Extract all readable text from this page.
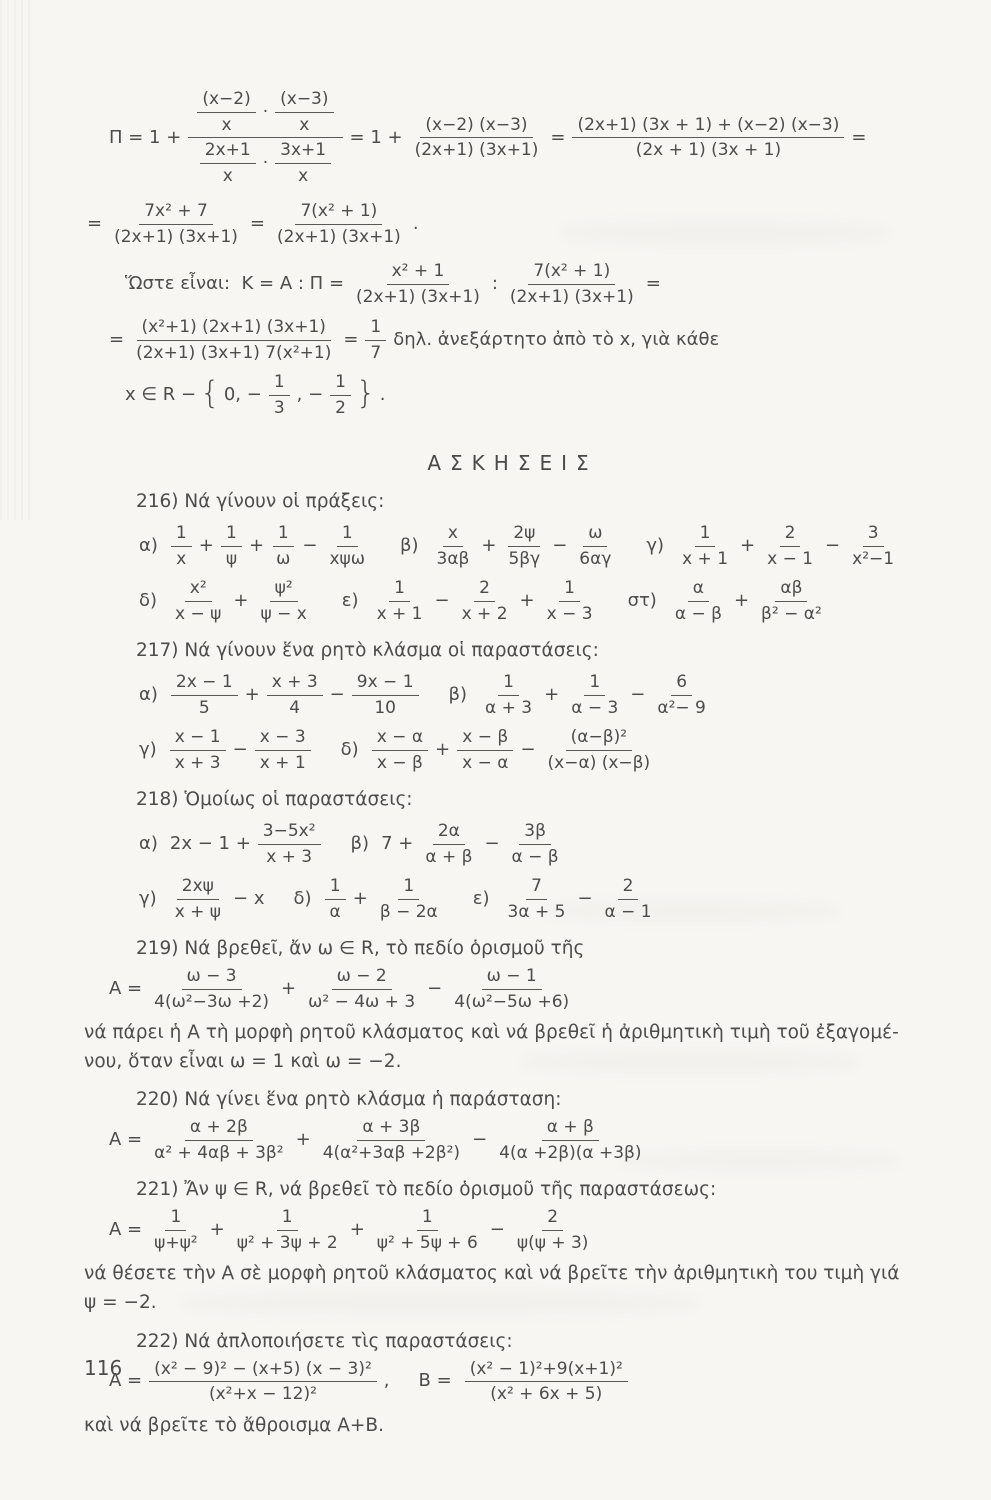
$\Pi = 1 + \frac{\frac{(x-2)}{x} \cdot \frac{(x-3)}{x}}{\frac{2x+1}{x} \cdot \frac{3x+1}{x}} = 1 + \frac{(x-2) (x-3)}{(2x+1) (3x+1)} = \frac{(2x+1) (3x + 1) + (x-2) (x-3)}{(2x + 1) (3x + 1)}$ =
= $\frac{\text{7x² + 7}}{(2x+1) (3x+1)} = \frac{\text{7(x² + 1)}}{(2x+1) (3x+1)}$ .
Ὥστε εἶναι:  Κ = Α : $\Pi = \frac{\text{x² + 1}}{(2x+1) (3x+1)}$ : $\frac{\text{7(x² + 1)}}{(2x+1) (3x+1)}$ =
= $\frac{\text{(x²+1) (2x+1) (3x+1)}}{\text{(2x+1) (3x+1) 7(x²+1)}} = \frac{1}{7} \delta\eta\lambda$. ἀνεξάρτητο ἀπὸ τὸ x, γιὰ κάθε
x ∈ R − { 0, − $\frac{1}{3}$ , − $\frac{1}{2}$ } .
ΑΣΚΗΣΕΙΣ
216) Νά γίνουν οἱ πράξεις:
$\alpha) \frac{1}{x} + \frac{1}{\psi} + \frac{1}{\omega} - \frac{1}{\text{xψω}} \beta) \frac{x}{3\alpha\beta} + \frac{2\psi}{5\beta\gamma} - \frac{\omega}{6\alpha\gamma} \gamma) \frac{1}{x + 1} + \frac{2}{x - 1} - \frac{3}{\text{x²−1}}$
$\delta) \frac{\text{x²}}{x - \psi} + \frac{\text{ψ²}}{\psi - x} \varepsilon) \frac{1}{x + 1} - \frac{2}{x + 2} + \frac{1}{x - 3} \sigma\tau) \frac{\alpha}{\alpha - \beta} + \frac{\alpha\beta}{\text{β² − α²}}$
217) Νά γίνουν ἕνα ρητὸ κλάσμα οἱ παραστάσεις:
$\alpha) \frac{2x - 1}{5} + \frac{x + 3}{4} - \frac{9x - 1}{10} \beta) \frac{1}{\alpha + 3} + \frac{1}{\alpha - 3} - \frac{6}{\text{α²− 9}}$
$\gamma) \frac{x - 1}{x + 3} - \frac{x - 3}{x + 1} \delta) \frac{x - \alpha}{x - \beta} + \frac{x - \beta}{x - \alpha} - \frac{\text{(α−β)²}}{(x-\alpha) (x-\beta)}$
218) Ὁμοίως οἱ παραστάσεις:
α) $2x - 1 + \frac{\text{3−5x²}}{x + 3} \beta$) $7 + \frac{2\alpha}{\alpha + \beta} - \frac{3\beta}{\alpha - \beta}$
$\gamma) \frac{2x\psi}{x + \psi} - x$ $\delta) \frac{1}{\alpha} + \frac{1}{\beta - 2\alpha} \varepsilon) \frac{7}{3\alpha + 5} - \frac{2}{\alpha - 1}$
219) Νά βρεθεῖ, ἄν ω ∈ R, τὸ πεδίο ὁρισμοῦ τῆς
$A = \frac{\omega - 3}{\text{4(ω²−3ω +2)}} + \frac{\omega - 2}{\text{ω² − 4ω + 3}} - \frac{\omega - 1}{\text{4(ω²−5ω +6)}}$
νά πάρει ἡ Α τὴ μορφὴ ρητοῦ κλάσματος καὶ νά βρεθεῖ ἡ ἀριθμητικὴ τιμὴ τοῦ ἐξαγομέ-
νου, ὅταν εἶναι ω = 1 καὶ ω = −2.
220) Νά γίνει ἕνα ρητὸ κλάσμα ἡ παράσταση:
$A = \frac{\alpha + 2\beta}{\text{α² + 4αβ + 3β²}} + \frac{\alpha + 3\beta}{\text{4(α²+3αβ +2β²)}} - \frac{\alpha + \beta}{4(\alpha +2\beta)(\alpha +3\beta)}$
221) Ἄν ψ ∈ R, νά βρεθεῖ τὸ πεδίο ὁρισμοῦ τῆς παραστάσεως:
$A = \frac{1}{\text{ψ+ψ²}} + \frac{1}{\text{ψ² + 3ψ + 2}} + \frac{1}{\text{ψ² + 5ψ + 6}} - \frac{2}{\psi(\psi + 3)}$
νά θέσετε τὴν Α σὲ μορφὴ ρητοῦ κλάσματος καὶ νά βρεῖτε τὴν ἀριθμητικὴ του τιμὴ γιά
ψ = −2.
222) Νά ἀπλοποιήσετε τὶς παραστάσεις:
$A = \frac{\text{(x² − 9)² − (x+5) (x − 3)²}}{\text{(x²+x − 12)²}}$ , $B = \frac{\text{(x² − 1)²+9(x+1)²}}{\text{(x² + 6x + 5)}}$
καὶ νά βρεῖτε τὸ ἄθροισμα Α+Β.
116
